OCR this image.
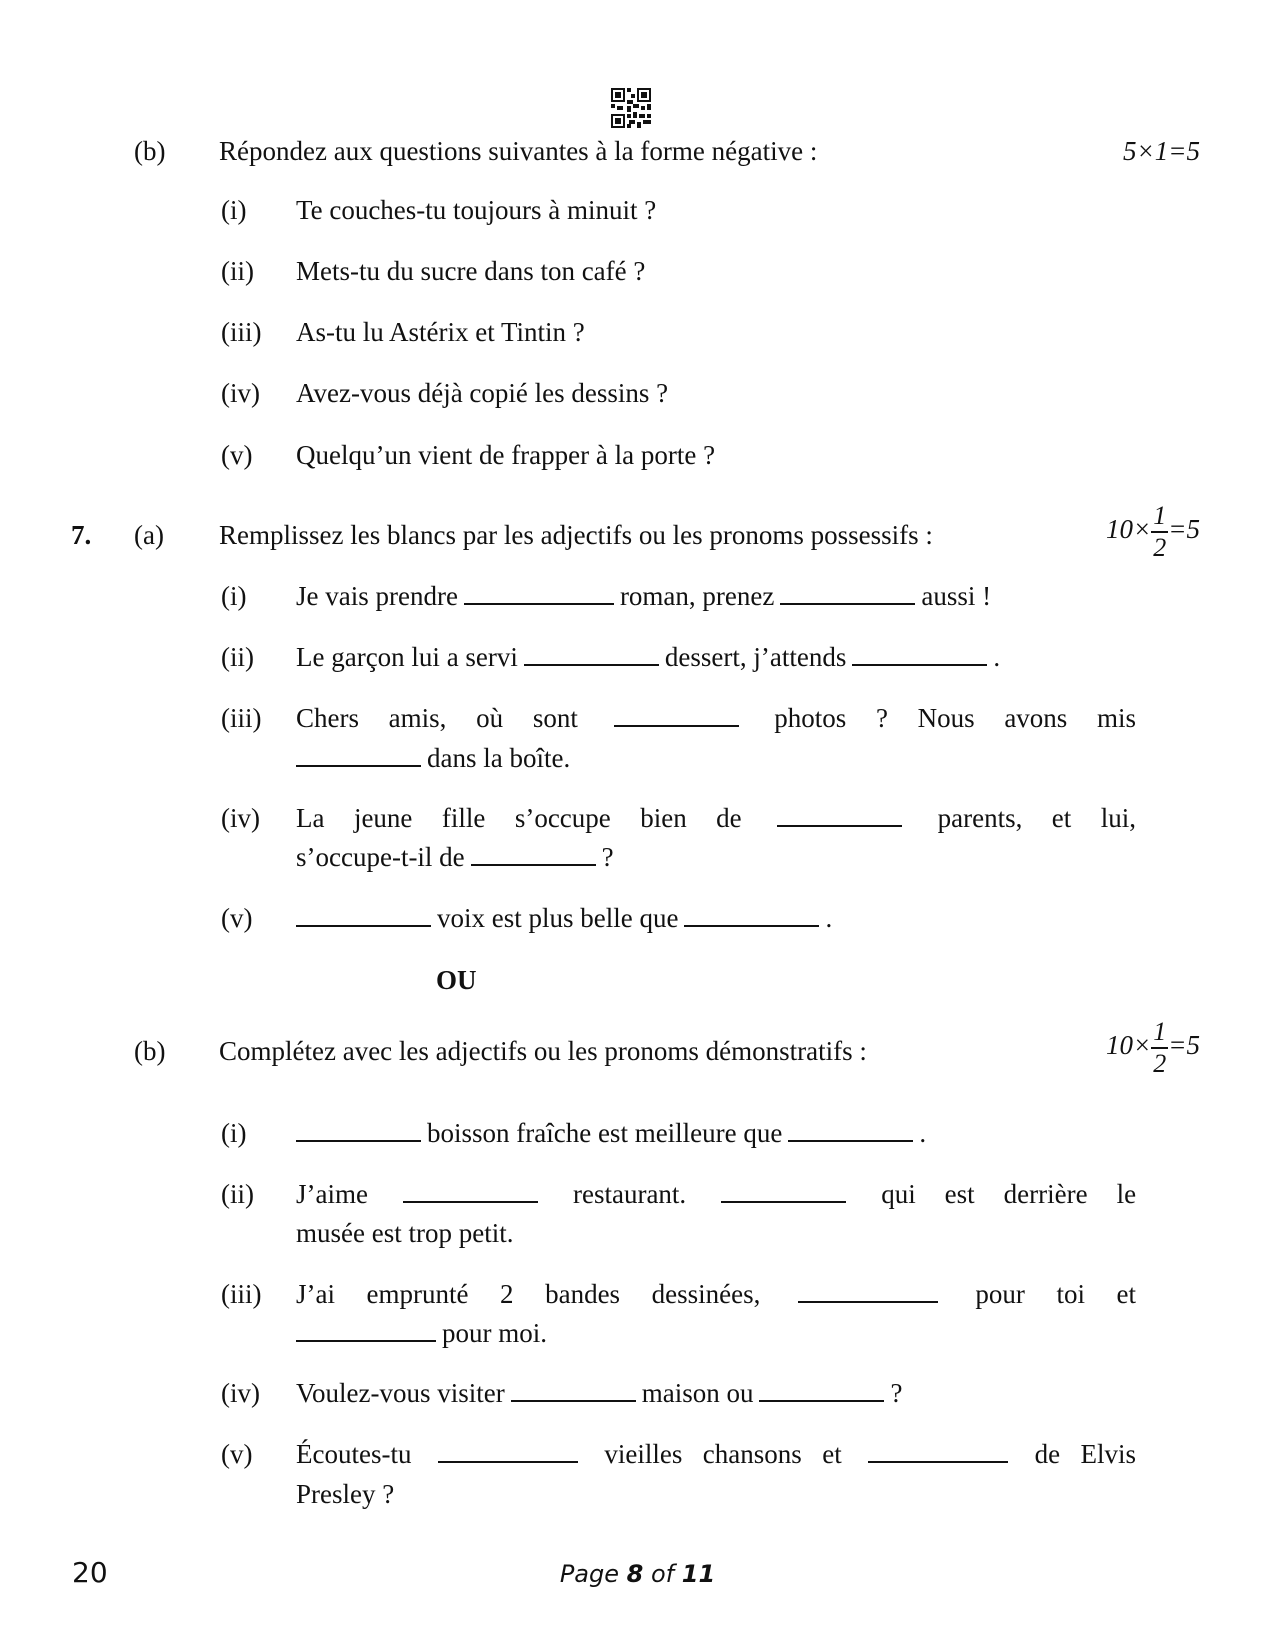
(b) Répondez aux questions suivantes à la forme négative :	5×1=5
(i) Te couches-tu toujours à minuit ?
(ii) Mets-tu du sucre dans ton café ?
(iii) As-tu lu Astérix et Tintin ?
(iv) Avez-vous déjà copié les dessins ?
(v) Quelqu’un vient de frapper à la porte ?
7. (a) Remplissez les blancs par les adjectifs ou les pronoms possessifs :	$10\times \frac{1}{2} =5$
(i) Je vais prendre	roman, prenez	aussi !
(ii) Le garçon lui a servi	dessert, j’attends	.
(iii) Chers amis, où sont	photos ? Nous avons mis
dans la boîte.
(iv) La jeune fille s’occupe bien de	parents, et lui,
s’occupe-t-il de	?
(v)	voix est plus belle que	.
OU
(b) Complétez avec les adjectifs ou les pronoms démonstratifs :	$10\times \frac{1}{2} =5$
(i)	boisson fraîche est meilleure que	.
(ii) J’aime	restaurant.	qui est derrière le
musée est trop petit.
(iii) J’ai emprunté 2 bandes dessinées,	pour toi et
pour moi.
(iv) Voulez-vous visiter	maison ou	?
(v) Écoutes-tu	vieilles chansons et	de Elvis
Presley ?
20	Page 8 of 11
